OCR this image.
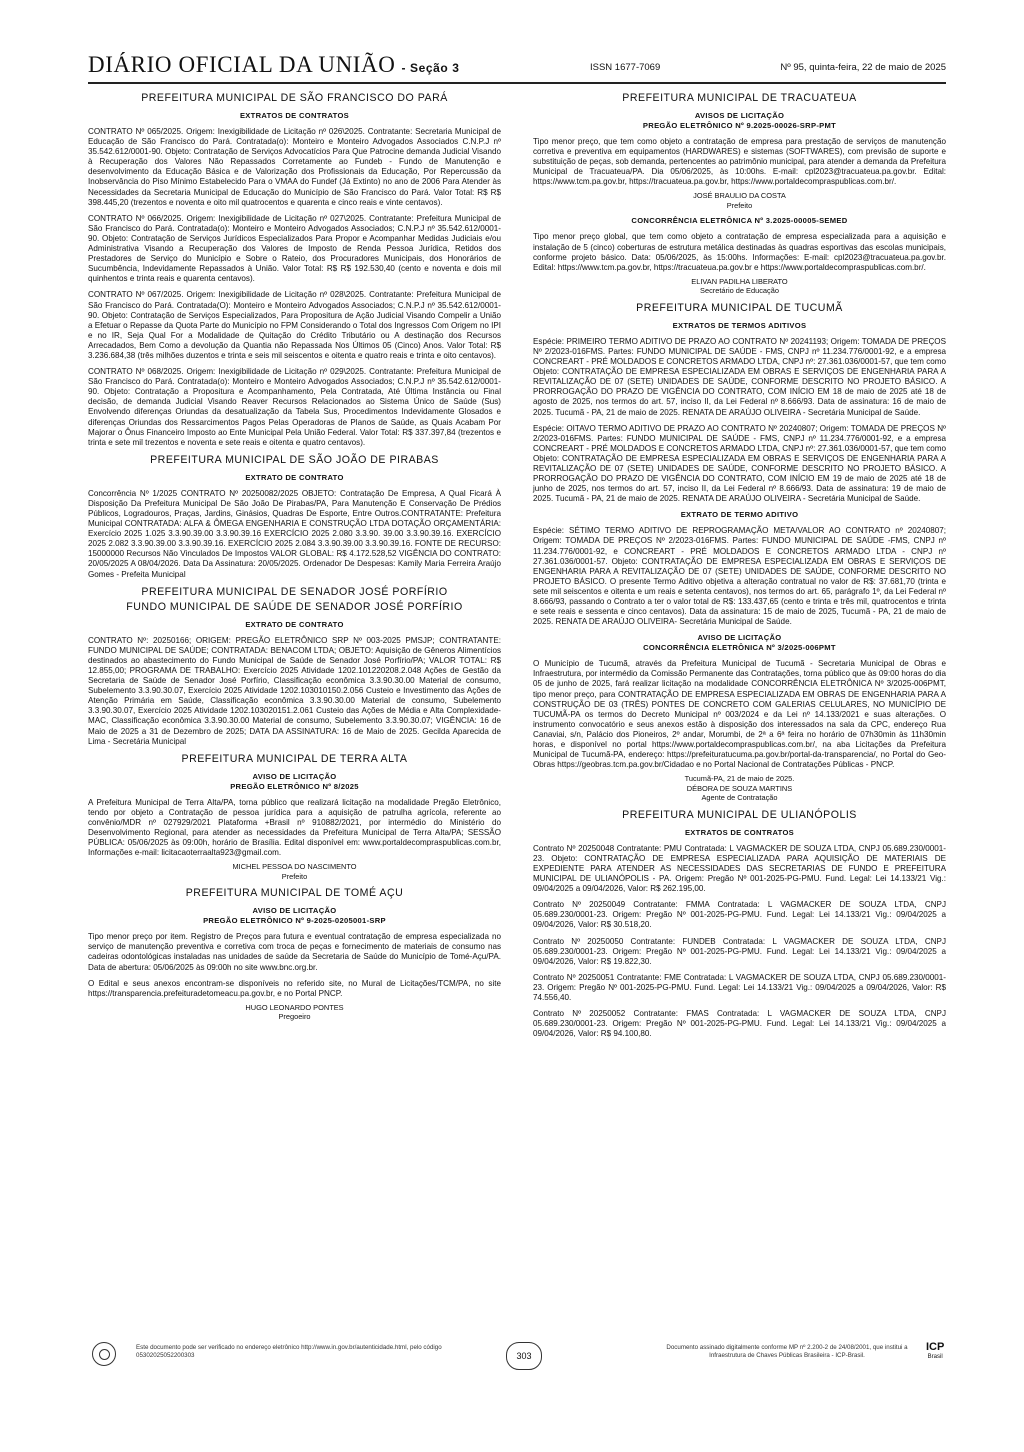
DIÁRIO OFICIAL DA UNIÃO - Seção 3	ISSN 1677-7069	Nº 95, quinta-feira, 22 de maio de 2025
PREFEITURA MUNICIPAL DE SÃO FRANCISCO DO PARÁ
EXTRATOS DE CONTRATOS
CONTRATO Nº 065/2025. Origem: Inexigibilidade de Licitação nº 026\2025. Contratante: Secretaria Municipal de Educação de São Francisco do Pará. Contratada(o): Monteiro e Monteiro Advogados Associados C.N.P.J nº 35.542.612/0001-90. Objeto: Contratação de Serviços Advocatícios Para Que Patrocine demanda Judicial Visando à Recuperação dos Valores Não Repassados Corretamente ao Fundeb - Fundo de Manutenção e desenvolvimento da Educação Básica e de Valorização dos Profissionais da Educação, Por Repercussão da Inobservância do Piso Mínimo Estabelecido Para o VMAA do Fundef (Já Extinto) no ano de 2006 Para Atender às Necessidades da Secretaria Municipal de Educação do Município de São Francisco do Pará. Valor Total: R$ R$ 398.445,20 (trezentos e noventa e oito mil quatrocentos e quarenta e cinco reais e vinte centavos).
CONTRATO Nº 066/2025. Origem: Inexigibilidade de Licitação nº 027\2025. Contratante: Prefeitura Municipal de São Francisco do Pará. Contratada(o): Monteiro e Monteiro Advogados Associados; C.N.P.J nº 35.542.612/0001-90. Objeto: Contratação de Serviços Jurídicos Especializados Para Propor e Acompanhar Medidas Judiciais e/ou Administrativa Visando a Recuperação dos Valores de Imposto de Renda Pessoa Jurídica, Retidos dos Prestadores de Serviço do Município e Sobre o Rateio, dos Procuradores Municipais, dos Honorários de Sucumbência, Indevidamente Repassados à União. Valor Total: R$ R$ 192.530,40 (cento e noventa e dois mil quinhentos e trinta reais e quarenta centavos).
CONTRATO Nº 067/2025. Origem: Inexigibilidade de Licitação nº 028\2025. Contratante: Prefeitura Municipal de São Francisco do Pará. Contratada(O): Monteiro e Monteiro Advogados Associados; C.N.P.J nº 35.542.612/0001-90. Objeto: Contratação de Serviços Especializados, Para Propositura de Ação Judicial Visando Compelir a União a Efetuar o Repasse da Quota Parte do Município no FPM Considerando o Total dos Ingressos Com Origem no IPI e no IR, Seja Qual For a Modalidade de Quitação do Crédito Tributário ou A destinação dos Recursos Arrecadados, Bem Como a devolução da Quantia não Repassada Nos Últimos 05 (Cinco) Anos. Valor Total: R$ 3.236.684,38 (três milhões duzentos e trinta e seis mil seiscentos e oitenta e quatro reais e trinta e oito centavos).
CONTRATO Nº 068/2025. Origem: Inexigibilidade de Licitação nº 029\2025. Contratante: Prefeitura Municipal de São Francisco do Pará. Contratada(o): Monteiro e Monteiro Advogados Associados; C.N.P.J nº 35.542.612/0001-90. Objeto: Contratação a Propositura e Acompanhamento, Pela Contratada, Até Última Instância ou Final decisão, de demanda Judicial Visando Reaver Recursos Relacionados ao Sistema Único de Saúde (Sus) Envolvendo diferenças Oriundas da desatualização da Tabela Sus, Procedimentos Indevidamente Glosados e diferenças Oriundas dos Ressarcimentos Pagos Pelas Operadoras de Planos de Saúde, as Quais Acabam Por Majorar o Ônus Financeiro Imposto ao Ente Municipal Pela União Federal. Valor Total: R$ 337.397,84 (trezentos e trinta e sete mil trezentos e noventa e sete reais e oitenta e quatro centavos).
PREFEITURA MUNICIPAL DE SÃO JOÃO DE PIRABAS
EXTRATO DE CONTRATO
Concorrência Nº 1/2025 CONTRATO Nº 20250082/2025 OBJETO: Contratação De Empresa, A Qual Ficará À Disposição Da Prefeitura Municipal De São João De Pirabas/PA, Para Manutenção E Conservação De Prédios Públicos, Logradouros, Praças, Jardins, Ginásios, Quadras De Esporte, Entre Outros.CONTRATANTE: Prefeitura Municipal CONTRATADA: ALFA & ÔMEGA ENGENHARIA E CONSTRUÇÃO LTDA DOTAÇÃO ORÇAMENTÁRIA: Exercício 2025 1.025 3.3.90.39.00 3.3.90.39.16 EXERCÍCIO 2025 2.080 3.3.90. 39.00 3.3.90.39.16. EXERCÍCIO 2025 2.082 3.3.90.39.00 3.3.90.39.16. EXERCÍCIO 2025 2.084 3.3.90.39.00 3.3.90.39.16. FONTE DE RECURSO: 15000000 Recursos Não Vinculados De Impostos VALOR GLOBAL: R$ 4.172.528,52 VIGÊNCIA DO CONTRATO: 20/05/2025 A 08/04/2026. Data Da Assinatura: 20/05/2025. Ordenador De Despesas: Kamily Maria Ferreira Araújo Gomes - Prefeita Municipal
PREFEITURA MUNICIPAL DE SENADOR JOSÉ PORFÍRIO
FUNDO MUNICIPAL DE SAÚDE DE SENADOR JOSÉ PORFÍRIO
EXTRATO DE CONTRATO
CONTRATO Nº: 20250166; ORIGEM: PREGÃO ELETRÔNICO SRP Nº 003-2025 PMSJP; CONTRATANTE: FUNDO MUNICIPAL DE SAÚDE; CONTRATADA: BENACOM LTDA; OBJETO: Aquisição de Gêneros Alimentícios destinados ao abastecimento do Fundo Municipal de Saúde de Senador José Porfírio/PA; VALOR TOTAL: R$ 12.855,00; PROGRAMA DE TRABALHO: Exercício 2025 Atividade 1202.101220208.2.048 Ações de Gestão da Secretaria de Saúde de Senador José Porfírio, Classificação econômica 3.3.90.30.00 Material de consumo, Subelemento 3.3.90.30.07, Exercício 2025 Atividade 1202.103010150.2.056 Custeio e Investimento das Ações de Atenção Primária em Saúde, Classificação econômica 3.3.90.30.00 Material de consumo, Subelemento 3.3.90.30.07, Exercício 2025 Atividade 1202.103020151.2.061 Custeio das Ações de Média e Alta Complexidade- MAC, Classificação econômica 3.3.90.30.00 Material de consumo, Subelemento 3.3.90.30.07; VIGÊNCIA: 16 de Maio de 2025 a 31 de Dezembro de 2025; DATA DA ASSINATURA: 16 de Maio de 2025. Gecilda Aparecida de Lima - Secretária Municipal
PREFEITURA MUNICIPAL DE TERRA ALTA
AVISO DE LICITAÇÃO
PREGÃO ELETRÔNICO Nº 8/2025
A Prefeitura Municipal de Terra Alta/PA, torna público que realizará licitação na modalidade Pregão Eletrônico, tendo por objeto a Contratação de pessoa jurídica para a aquisição de patrulha agrícola, referente ao convênio/MDR nº 027929/2021 Plataforma +Brasil nº 910882/2021, por intermédio do Ministério do Desenvolvimento Regional, para atender as necessidades da Prefeitura Municipal de Terra Alta/PA; SESSÃO PÚBLICA: 05/06/2025 às 09:00h, horário de Brasília. Edital disponível em: www.portaldecompraspublicas.com.br, Informações e-mail: licitacaoterraalta923@gmail.com.
MICHEL PESSOA DO NASCIMENTO
Prefeito
PREFEITURA MUNICIPAL DE TOMÉ AÇU
AVISO DE LICITAÇÃO
PREGÃO ELETRÔNICO Nº 9-2025-0205001-SRP
Tipo menor preço por item. Registro de Preços para futura e eventual contratação de empresa especializada no serviço de manutenção preventiva e corretiva com troca de peças e fornecimento de materiais de consumo nas cadeiras odontológicas instaladas nas unidades de saúde da Secretaria de Saúde do Município de Tomé-Açu/PA. Data de abertura: 05/06/2025 às 09:00h no site www.bnc.org.br.
O Edital e seus anexos encontram-se disponíveis no referido site, no Mural de Licitações/TCM/PA, no site https://transparencia.prefeituradetomeacu.pa.gov.br, e no Portal PNCP.
HUGO LEONARDO PONTES
Pregoeiro
PREFEITURA MUNICIPAL DE TRACUATEUA
AVISOS DE LICITAÇÃO
PREGÃO ELETRÔNICO Nº 9.2025-00026-SRP-PMT
Tipo menor preço, que tem como objeto a contratação de empresa para prestação de serviços de manutenção corretiva e preventiva em equipamentos (HARDWARES) e sistemas (SOFTWARES), com previsão de suporte e substituição de peças, sob demanda, pertencentes ao patrimônio municipal, para atender a demanda da Prefeitura Municipal de Tracuateua/PA. Dia 05/06/2025, às 10:00hs. E-mail: cpl2023@tracuateua.pa.gov.br. Edital: https://www.tcm.pa.gov.br, https://tracuateua.pa.gov.br, https://www.portaldecompraspublicas.com.br/.
JOSÉ BRAULIO DA COSTA
Prefeito
CONCORRÊNCIA ELETRÔNICA Nº 3.2025-00005-SEMED
Tipo menor preço global, que tem como objeto a contratação de empresa especializada para a aquisição e instalação de 5 (cinco) coberturas de estrutura metálica destinadas às quadras esportivas das escolas municipais, conforme projeto básico. Data: 05/06/2025, às 15:00hs. Informações: E-mail: cpl2023@tracuateua.pa.gov.br. Edital: https://www.tcm.pa.gov.br, https://tracuateua.pa.gov.br e https://www.portaldecompraspublicas.com.br/.
ELIVAN PADILHA LIBERATO
Secretário de Educação
PREFEITURA MUNICIPAL DE TUCUMÃ
EXTRATOS DE TERMOS ADITIVOS
Espécie: PRIMEIRO TERMO ADITIVO DE PRAZO AO CONTRATO Nº 20241193; Origem: TOMADA DE PREÇOS Nº 2/2023-016FMS. Partes: FUNDO MUNICIPAL DE SAÚDE - FMS, CNPJ nº 11.234.776/0001-92, e a empresa CONCREART - PRÉ MOLDADOS E CONCRETOS ARMADO LTDA, CNPJ nº: 27.361.036/0001-57, que tem como Objeto: CONTRATAÇÃO DE EMPRESA ESPECIALIZADA EM OBRAS E SERVIÇOS DE ENGENHARIA PARA A REVITALIZAÇÃO DE 07 (SETE) UNIDADES DE SAÚDE, CONFORME DESCRITO NO PROJETO BÁSICO. A PRORROGAÇÃO DO PRAZO DE VIGÊNCIA DO CONTRATO, COM INÍCIO EM 18 de maio de 2025 até 18 de agosto de 2025, nos termos do art. 57, inciso II, da Lei Federal nº 8.666/93. Data de assinatura: 16 de maio de 2025. Tucumã - PA, 21 de maio de 2025. RENATA DE ARAÚJO OLIVEIRA - Secretária Municipal de Saúde.
Espécie: OITAVO TERMO ADITIVO DE PRAZO AO CONTRATO Nº 20240807; Origem: TOMADA DE PREÇOS Nº 2/2023-016FMS. Partes: FUNDO MUNICIPAL DE SAÚDE - FMS, CNPJ nº 11.234.776/0001-92, e a empresa CONCREART - PRÉ MOLDADOS E CONCRETOS ARMADO LTDA, CNPJ nº: 27.361.036/0001-57, que tem como Objeto: CONTRATAÇÃO DE EMPRESA ESPECIALIZADA EM OBRAS E SERVIÇOS DE ENGENHARIA PARA A REVITALIZAÇÃO DE 07 (SETE) UNIDADES DE SAÚDE, CONFORME DESCRITO NO PROJETO BÁSICO. A PRORROGAÇÃO DO PRAZO DE VIGÊNCIA DO CONTRATO, COM INÍCIO EM 19 de maio de 2025 até 18 de junho de 2025, nos termos do art. 57, inciso II, da Lei Federal nº 8.666/93. Data de assinatura: 19 de maio de 2025. Tucumã - PA, 21 de maio de 2025. RENATA DE ARAÚJO OLIVEIRA - Secretária Municipal de Saúde.
EXTRATO DE TERMO ADITIVO
Espécie: SÉTIMO TERMO ADITIVO DE REPROGRAMAÇÃO META/VALOR AO CONTRATO nº 20240807; Origem: TOMADA DE PREÇOS Nº 2/2023-016FMS. Partes: FUNDO MUNICIPAL DE SAÚDE -FMS, CNPJ nº 11.234.776/0001-92, e CONCREART - PRÉ MOLDADOS E CONCRETOS ARMADO LTDA - CNPJ nº 27.361.036/0001-57. Objeto: CONTRATAÇÃO DE EMPRESA ESPECIALIZADA EM OBRAS E SERVIÇOS DE ENGENHARIA PARA A REVITALIZAÇÃO DE 07 (SETE) UNIDADES DE SAÚDE, CONFORME DESCRITO NO PROJETO BÁSICO. O presente Termo Aditivo objetiva a alteração contratual no valor de R$: 37.681,70 (trinta e sete mil seiscentos e oitenta e um reais e setenta centavos), nos termos do art. 65, parágrafo 1º, da Lei Federal nº 8.666/93, passando o Contrato a ter o valor total de R$: 133.437,65 (cento e trinta e três mil, quatrocentos e trinta e sete reais e sessenta e cinco centavos). Data da assinatura: 15 de maio de 2025, Tucumã - PA, 21 de maio de 2025. RENATA DE ARAÚJO OLIVEIRA- Secretária Municipal de Saúde.
AVISO DE LICITAÇÃO
CONCORRÊNCIA ELETRÔNICA Nº 3/2025-006PMT
O Município de Tucumã, através da Prefeitura Municipal de Tucumã - Secretaria Municipal de Obras e Infraestrutura, por intermédio da Comissão Permanente das Contratações, torna público que às 09:00 horas do dia 05 de junho de 2025, fará realizar licitação na modalidade CONCORRÊNCIA ELETRÔNICA Nº 3/2025-006PMT, tipo menor preço, para CONTRATAÇÃO DE EMPRESA ESPECIALIZADA EM OBRAS DE ENGENHARIA PARA A CONSTRUÇÃO DE 03 (TRÊS) PONTES DE CONCRETO COM GALERIAS CELULARES, NO MUNICÍPIO DE TUCUMÃ-PA os termos do Decreto Municipal nº 003/2024 e da Lei nº 14.133/2021 e suas alterações. O instrumento convocatório e seus anexos estão à disposição dos interessados na sala da CPC, endereço Rua Canaviai, s/n, Palácio dos Pioneiros, 2º andar, Morumbi, de 2ª a 6ª feira no horário de 07h30min às 11h30min horas, e disponível no portal https://www.portaldecompraspublicas.com.br/, na aba Licitações da Prefeitura Municipal de Tucumã-PA, endereço: https://prefeituratucuma.pa.gov.br/portal-da-transparencia/, no Portal do Geo-Obras https://geobras.tcm.pa.gov.br/Cidadao e no Portal Nacional de Contratações Públicas - PNCP.
Tucumã-PA, 21 de maio de 2025.
DÉBORA DE SOUZA MARTINS
Agente de Contratação
PREFEITURA MUNICIPAL DE ULIANÓPOLIS
EXTRATOS DE CONTRATOS
Contrato Nº 20250048 Contratante: PMU Contratada: L VAGMACKER DE SOUZA LTDA, CNPJ 05.689.230/0001-23. Objeto: CONTRATAÇÃO DE EMPRESA ESPECIALIZADA PARA AQUISIÇÃO DE MATERIAIS DE EXPEDIENTE PARA ATENDER AS NECESSIDADES DAS SECRETARIAS DE FUNDO E PREFEITURA MUNICIPAL DE ULIANÓPOLIS - PA. Origem: Pregão Nº 001-2025-PG-PMU. Fund. Legal: Lei 14.133/21 Vig.: 09/04/2025 a 09/04/2026, Valor: R$ 262.195,00.
Contrato Nº 20250049 Contratante: FMMA Contratada: L VAGMACKER DE SOUZA LTDA, CNPJ 05.689.230/0001-23. Origem: Pregão Nº 001-2025-PG-PMU. Fund. Legal: Lei 14.133/21 Vig.: 09/04/2025 a 09/04/2026, Valor: R$ 30.518,20.
Contrato Nº 20250050 Contratante: FUNDEB Contratada: L VAGMACKER DE SOUZA LTDA, CNPJ 05.689.230/0001-23. Origem: Pregão Nº 001-2025-PG-PMU. Fund. Legal: Lei 14.133/21 Vig.: 09/04/2025 a 09/04/2026, Valor: R$ 19.822,30.
Contrato Nº 20250051 Contratante: FME Contratada: L VAGMACKER DE SOUZA LTDA, CNPJ 05.689.230/0001-23. Origem: Pregão Nº 001-2025-PG-PMU. Fund. Legal: Lei 14.133/21 Vig.: 09/04/2025 a 09/04/2026, Valor: R$ 74.556,40.
Contrato Nº 20250052 Contratante: FMAS Contratada: L VAGMACKER DE SOUZA LTDA, CNPJ 05.689.230/0001-23. Origem: Pregão Nº 001-2025-PG-PMU. Fund. Legal: Lei 14.133/21 Vig.: 09/04/2025 a 09/04/2026, Valor: R$ 94.100,80.
Este documento pode ser verificado no endereço eletrônico http://www.in.gov.br/autenticidade.html, pelo código 05302025052200303	303
Documento assinado digitalmente conforme MP nº 2.200-2 de 24/08/2001, que institui a Infraestrutura de Chaves Públicas Brasileira - ICP-Brasil.
ICP
Brasil
